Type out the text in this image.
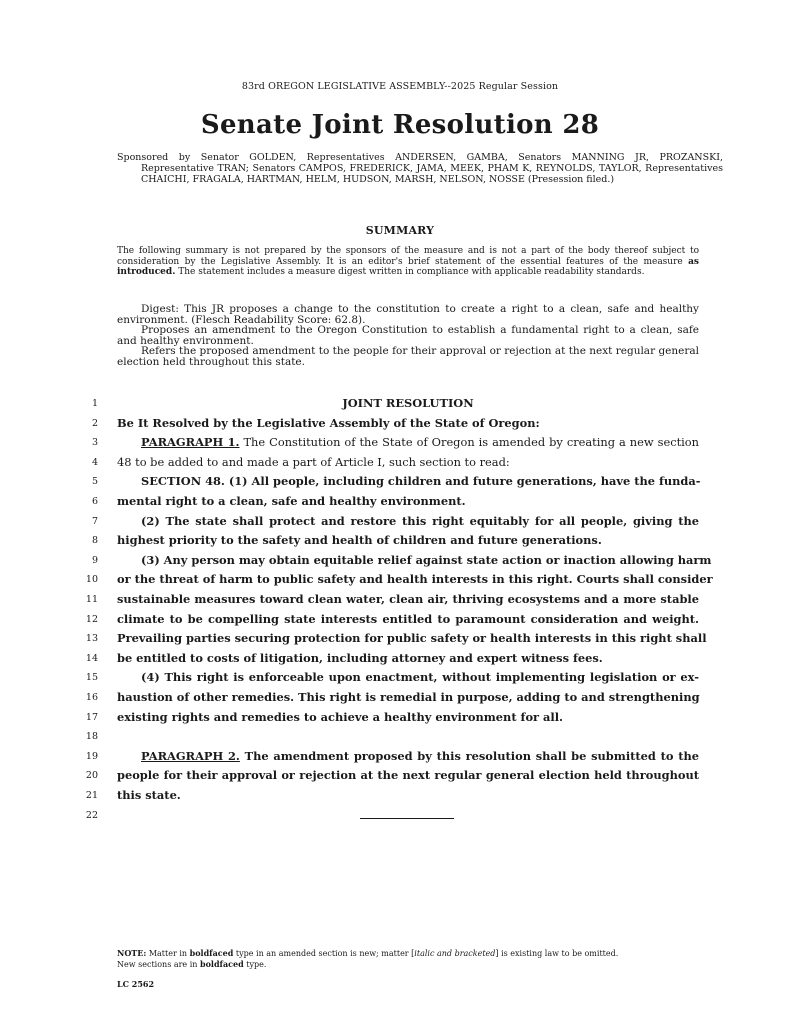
83rd OREGON LEGISLATIVE ASSEMBLY--2025 Regular Session
Senate Joint Resolution 28
Sponsored by Senator GOLDEN, Representatives ANDERSEN, GAMBA, Senators MANNING JR, PROZANSKI, Representative TRAN; Senators CAMPOS, FREDERICK, JAMA, MEEK, PHAM K, REYNOLDS, TAYLOR, Representatives CHAICHI, FRAGALA, HARTMAN, HELM, HUDSON, MARSH, NELSON, NOSSE (Presession filed.)
SUMMARY
The following summary is not prepared by the sponsors of the measure and is not a part of the body thereof subject to consideration by the Legislative Assembly. It is an editor's brief statement of the essential features of the measure as introduced. The statement includes a measure digest written in compliance with applicable readability standards.

Digest: This JR proposes a change to the constitution to create a right to a clean, safe and healthy environment. (Flesch Readability Score: 62.8).

Proposes an amendment to the Oregon Constitution to establish a fundamental right to a clean, safe and healthy environment.

Refers the proposed amendment to the people for their approval or rejection at the next regular general election held throughout this state.

1	JOINT RESOLUTION
2 Be It Resolved by the Legislative Assembly of the State of Oregon:
3	PARAGRAPH 1. The Constitution of the State of Oregon is amended by creating a new section
4 48 to be added to and made a part of Article I, such section to read:
5	SECTION 48. (1) All people, including children and future generations, have the funda-
6 mental right to a clean, safe and healthy environment.
7	(2) The state shall protect and restore this right equitably for all people, giving the
8 highest priority to the safety and health of children and future generations.
9	(3) Any person may obtain equitable relief against state action or inaction allowing harm
10 or the threat of harm to public safety and health interests in this right. Courts shall consider
11 sustainable measures toward clean water, clean air, thriving ecosystems and a more stable
12 climate to be compelling state interests entitled to paramount consideration and weight.
13 Prevailing parties securing protection for public safety or health interests in this right shall
14 be entitled to costs of litigation, including attorney and expert witness fees.
15	(4) This right is enforceable upon enactment, without implementing legislation or ex-
16 haustion of other remedies. This right is remedial in purpose, adding to and strengthening
17 existing rights and remedies to achieve a healthy environment for all.
18
19	PARAGRAPH 2. The amendment proposed by this resolution shall be submitted to the
20 people for their approval or rejection at the next regular general election held throughout
21 this state.
22
NOTE: Matter in boldfaced type in an amended section is new; matter [italic and bracketed] is existing law to be omitted.
New sections are in boldfaced type.
LC 2562
